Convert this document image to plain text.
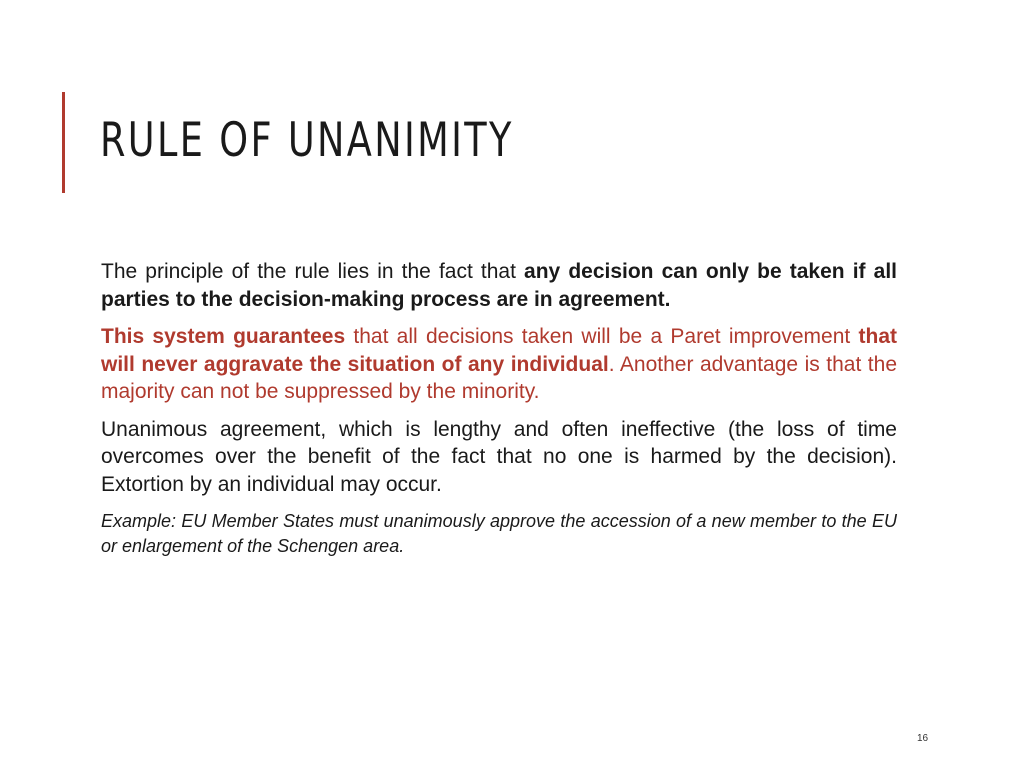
RULE OF UNANIMITY

The principle of the rule lies in the fact that any decision can only be taken if all parties to the decision-making process are in agreement.

This system guarantees that all decisions taken will be a Paret improvement that will never aggravate the situation of any individual. Another advantage is that the majority can not be suppressed by the minority.

Unanimous agreement, which is lengthy and often ineffective (the loss of time overcomes over the benefit of the fact that no one is harmed by the decision). Extortion by an individual may occur.

Example: EU Member States must unanimously approve the accession of a new member to the EU or enlargement of the Schengen area.

16
